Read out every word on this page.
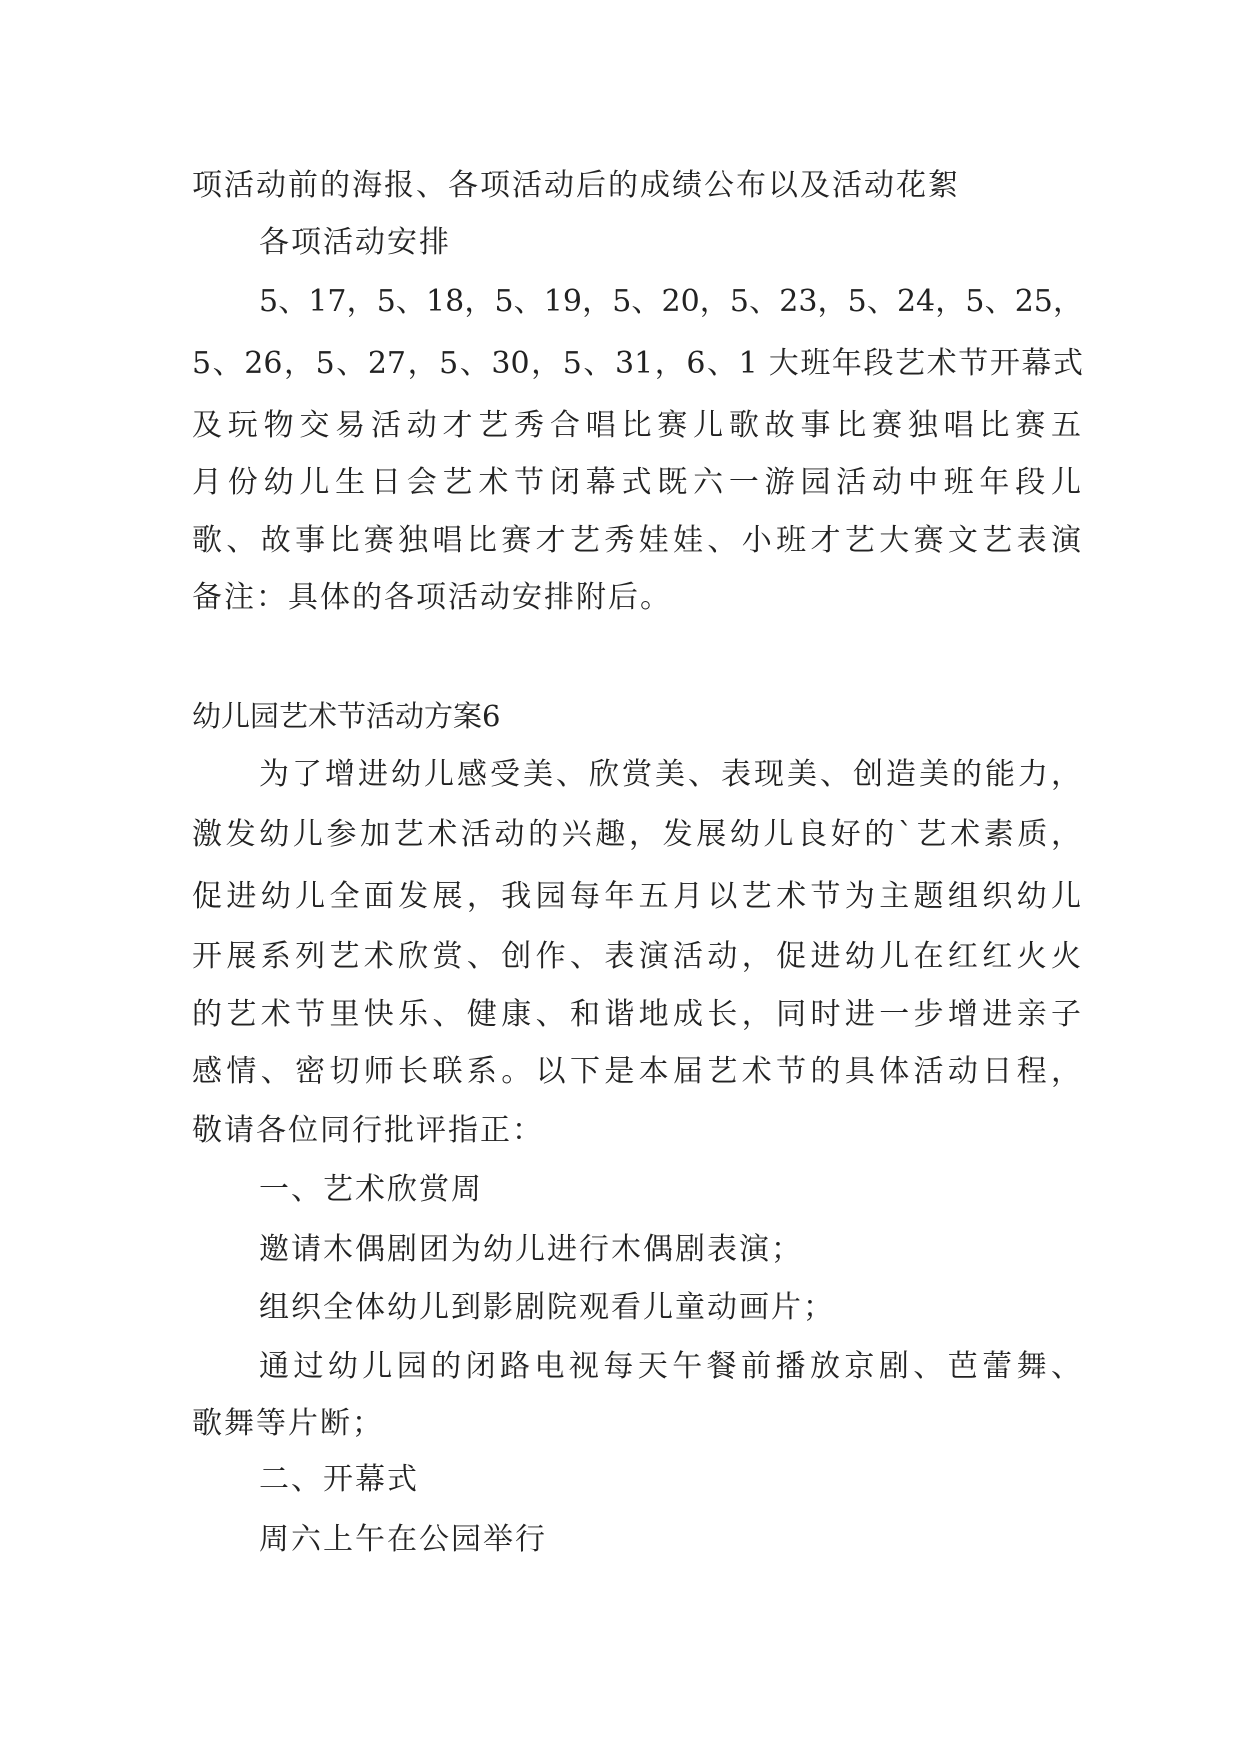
项活动前的海报、各项活动后的成绩公布以及活动花絮
各项活动安排
5、17，5、18，5、19，5、20，5、23，5、24，5、25，
5、26，5、27，5、30，5、31，6、1 大班年段艺术节开幕式
及玩物交易活动才艺秀合唱比赛儿歌故事比赛独唱比赛五
月份幼儿生日会艺术节闭幕式既六一游园活动中班年段儿
歌、故事比赛独唱比赛才艺秀娃娃、小班才艺大赛文艺表演
备注：具体的各项活动安排附后。
幼儿园艺术节活动方案6
为了增进幼儿感受美、欣赏美、表现美、创造美的能力，
激发幼儿参加艺术活动的兴趣，发展幼儿良好的`艺术素质，
促进幼儿全面发展，我园每年五月以艺术节为主题组织幼儿
开展系列艺术欣赏、创作、表演活动，促进幼儿在红红火火
的艺术节里快乐、健康、和谐地成长，同时进一步增进亲子
感情、密切师长联系。以下是本届艺术节的具体活动日程，
敬请各位同行批评指正：
一、艺术欣赏周
邀请木偶剧团为幼儿进行木偶剧表演；
组织全体幼儿到影剧院观看儿童动画片；
通过幼儿园的闭路电视每天午餐前播放京剧、芭蕾舞、
歌舞等片断；
二、开幕式
周六上午在公园举行
